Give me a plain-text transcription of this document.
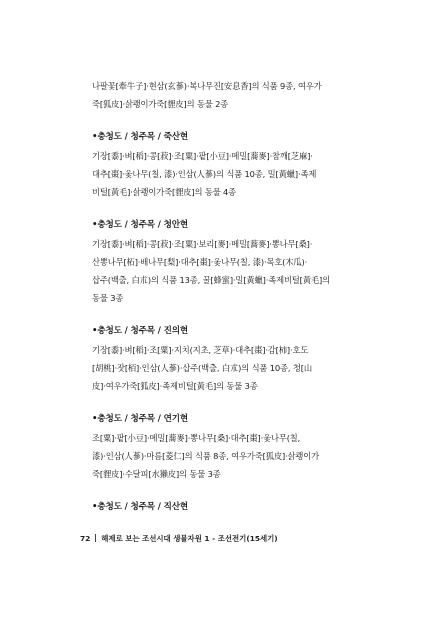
나팔꽃[牽牛子]·현삼(玄蔘)·복나무진[安息香]의 식품 9종, 여우가
죽[狐皮]·삵쾡이가죽[貍皮]의 동물 2종
•충청도 / 청주목 / 죽산현
기장[黍]·벼[稻]·콩[菽]·조[粟]·팥[小豆]·메밀[蕎麥]·참깨[芝麻]·
대추[棗]·옻나무(칠, 漆)·인삼(人蔘)의 식품 10종, 밀[黃蠟]·족제
비털[黃毛]·삵쾡이가죽[貍皮]의 동물 4종
•충청도 / 청주목 / 청안현
기장[黍]·벼[稻]·콩[菽]·조[粟]·보리[麥]·메밀[蕎麥]·뽕나무[桑]·
산뽕나무[柘]·배나무[梨]·대추[棗]·옻나무(칠, 漆)·목호(木瓜)·
삽주(백출, 白朮)의 식품 13종, 꿀[蜂蜜]·밀[黃蠟]·족제비털[黃毛]의
동물 3종
•충청도 / 청주목 / 진의현
기장[黍]·벼[稻]·조[粟]·지치(지초, 芝草)·대추[棗]·감[柿]·호도
[胡桃]·잣[栢]·인삼(人蔘)·삽주(백출, 白朮)의 식품 10종, 청[山
皮]·여우가죽[狐皮]·족제비털[黃毛]의 동물 3종
•충청도 / 청주목 / 연기현
조[粟]·팥[小豆]·메밀[蕎麥]·뽕나무[桑]·대추[棗]·옻나무(칠,
漆)·인삼(人蔘)·마름[菱仁]의 식품 8종, 여우가죽[狐皮]·삵쾡이가
죽[貍皮]·수달피[水獺皮]의 동물 3종
•충청도 / 청주목 / 직산현
72 해제로 보는 조선시대 생물자원 1 - 조선전기(15세기)
